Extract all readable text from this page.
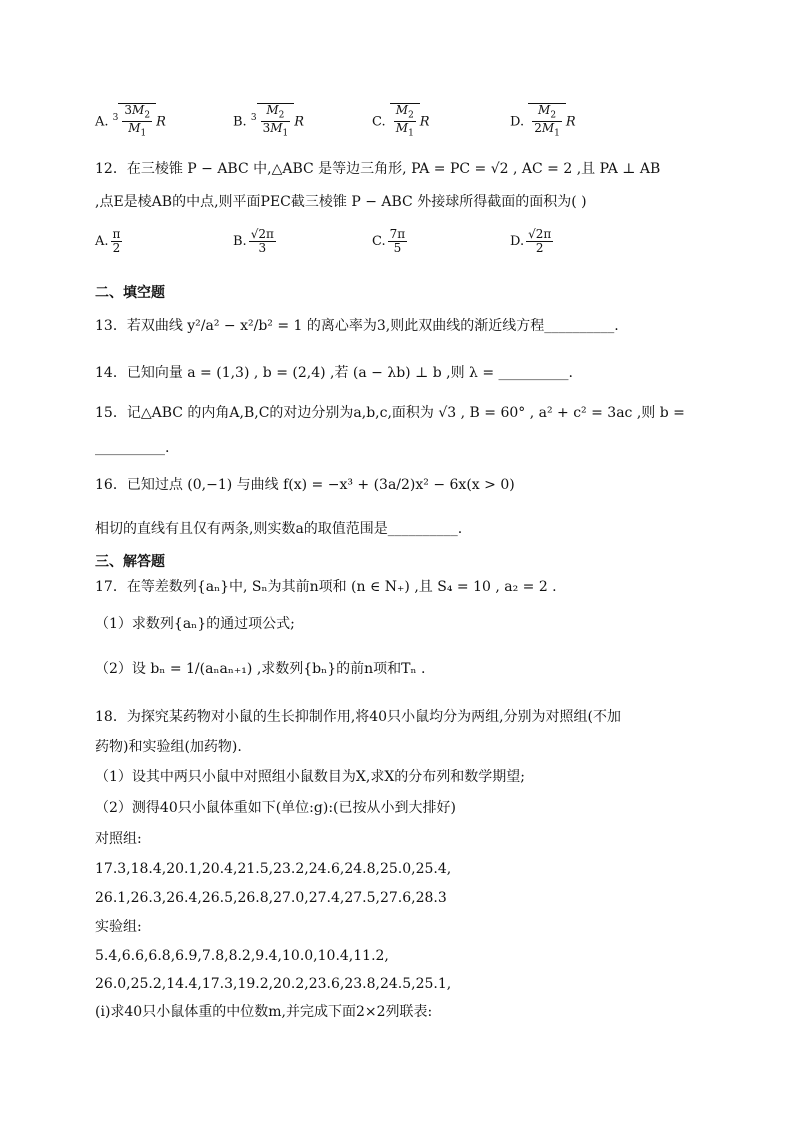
A. $^3 \frac{3M_2}{M_1}$ R	B. $^3 \frac{M_2}{3M_1}$ R	C. $\frac{M_2}{M_1}$ R	D. $\frac{M_2}{2M_1}$ R
12．在三棱锥 P − ABC 中,△ABC 是等边三角形, PA = PC = √2 , AC = 2 ,且 PA ⊥ AB
,点E是棱AB的中点,则平面PEC截三棱锥 P − ABC 外接球所得截面的面积为( )
A. $\frac{\pi}{2}$	B. $\frac{√2\pi}{3}$	C. $\frac{7\pi}{5}$	D. $\frac{√2\pi}{2}$
二、填空题
13．若双曲线 y²/a² − x²/b² = 1 的离心率为3,则此双曲线的渐近线方程__________.
14．已知向量 a = (1,3) , b = (2,4) ,若 (a − λb) ⊥ b ,则 λ = __________.
15．记△ABC 的内角A,B,C的对边分别为a,b,c,面积为 √3 , B = 60° , a² + c² = 3ac ,则 b =
__________.
16．已知过点 (0,−1) 与曲线 f(x) = −x³ + (3a/2)x² − 6x(x > 0)
相切的直线有且仅有两条,则实数a的取值范围是__________.
三、解答题
17．在等差数列{aₙ}中, Sₙ为其前n项和 (n ∈ N₊) ,且 S₄ = 10 , a₂ = 2 .
（1）求数列{aₙ}的通过项公式;
（2）设 bₙ = 1/(aₙaₙ₊₁) ,求数列{bₙ}的前n项和Tₙ .
18．为探究某药物对小鼠的生长抑制作用,将40只小鼠均分为两组,分别为对照组(不加
药物)和实验组(加药物).
（1）设其中两只小鼠中对照组小鼠数目为X,求X的分布列和数学期望;
（2）测得40只小鼠体重如下(单位:g):(已按从小到大排好)
对照组:
17.3,18.4,20.1,20.4,21.5,23.2,24.6,24.8,25.0,25.4,
26.1,26.3,26.4,26.5,26.8,27.0,27.4,27.5,27.6,28.3
实验组:
5.4,6.6,6.8,6.9,7.8,8.2,9.4,10.0,10.4,11.2,
26.0,25.2,14.4,17.3,19.2,20.2,23.6,23.8,24.5,25.1,
(i)求40只小鼠体重的中位数m,并完成下面2×2列联表:
